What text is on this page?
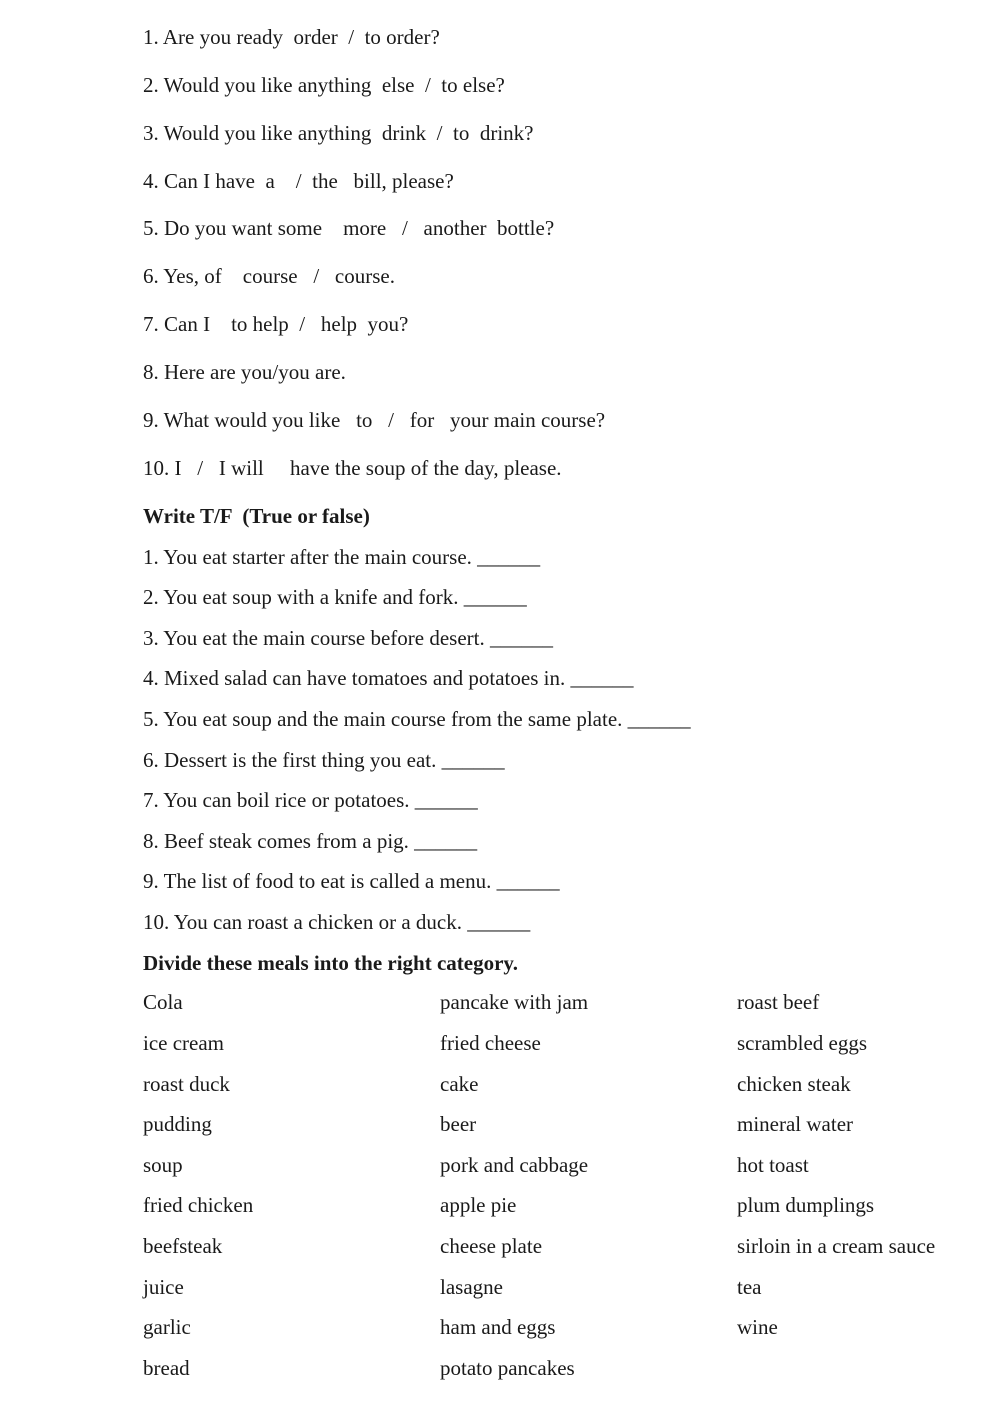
1. Are you ready  order  /  to order?
2. Would you like anything  else  /  to else?
3. Would you like anything  drink  /  to  drink?
4. Can I have  a    /  the   bill, please?
5. Do you want some    more   /   another  bottle?
6. Yes, of    course   /   course.
7. Can I    to help  /   help  you?
8. Here are you/you are.
9. What would you like   to   /   for   your main course?
10. I   /   I will     have the soup of the day, please.
Write T/F  (True or false)
1. You eat starter after the main course. ______
2. You eat soup with a knife and fork. ______
3. You eat the main course before desert. ______
4. Mixed salad can have tomatoes and potatoes in. ______
5. You eat soup and the main course from the same plate. ______
6. Dessert is the first thing you eat. ______
7. You can boil rice or potatoes. ______
8. Beef steak comes from a pig. ______
9. The list of food to eat is called a menu. ______
10. You can roast a chicken or a duck. ______
Divide these meals into the right category.
Cola	pancake with jam	roast beef
ice cream	fried cheese	scrambled eggs
roast duck	cake	chicken steak
pudding	beer	mineral water
soup	pork and cabbage	hot toast
fried chicken	apple pie	plum dumplings
beefsteak	cheese plate	sirloin in a cream sauce
juice	lasagne	tea
garlic	ham and eggs	wine
bread	potato pancakes
